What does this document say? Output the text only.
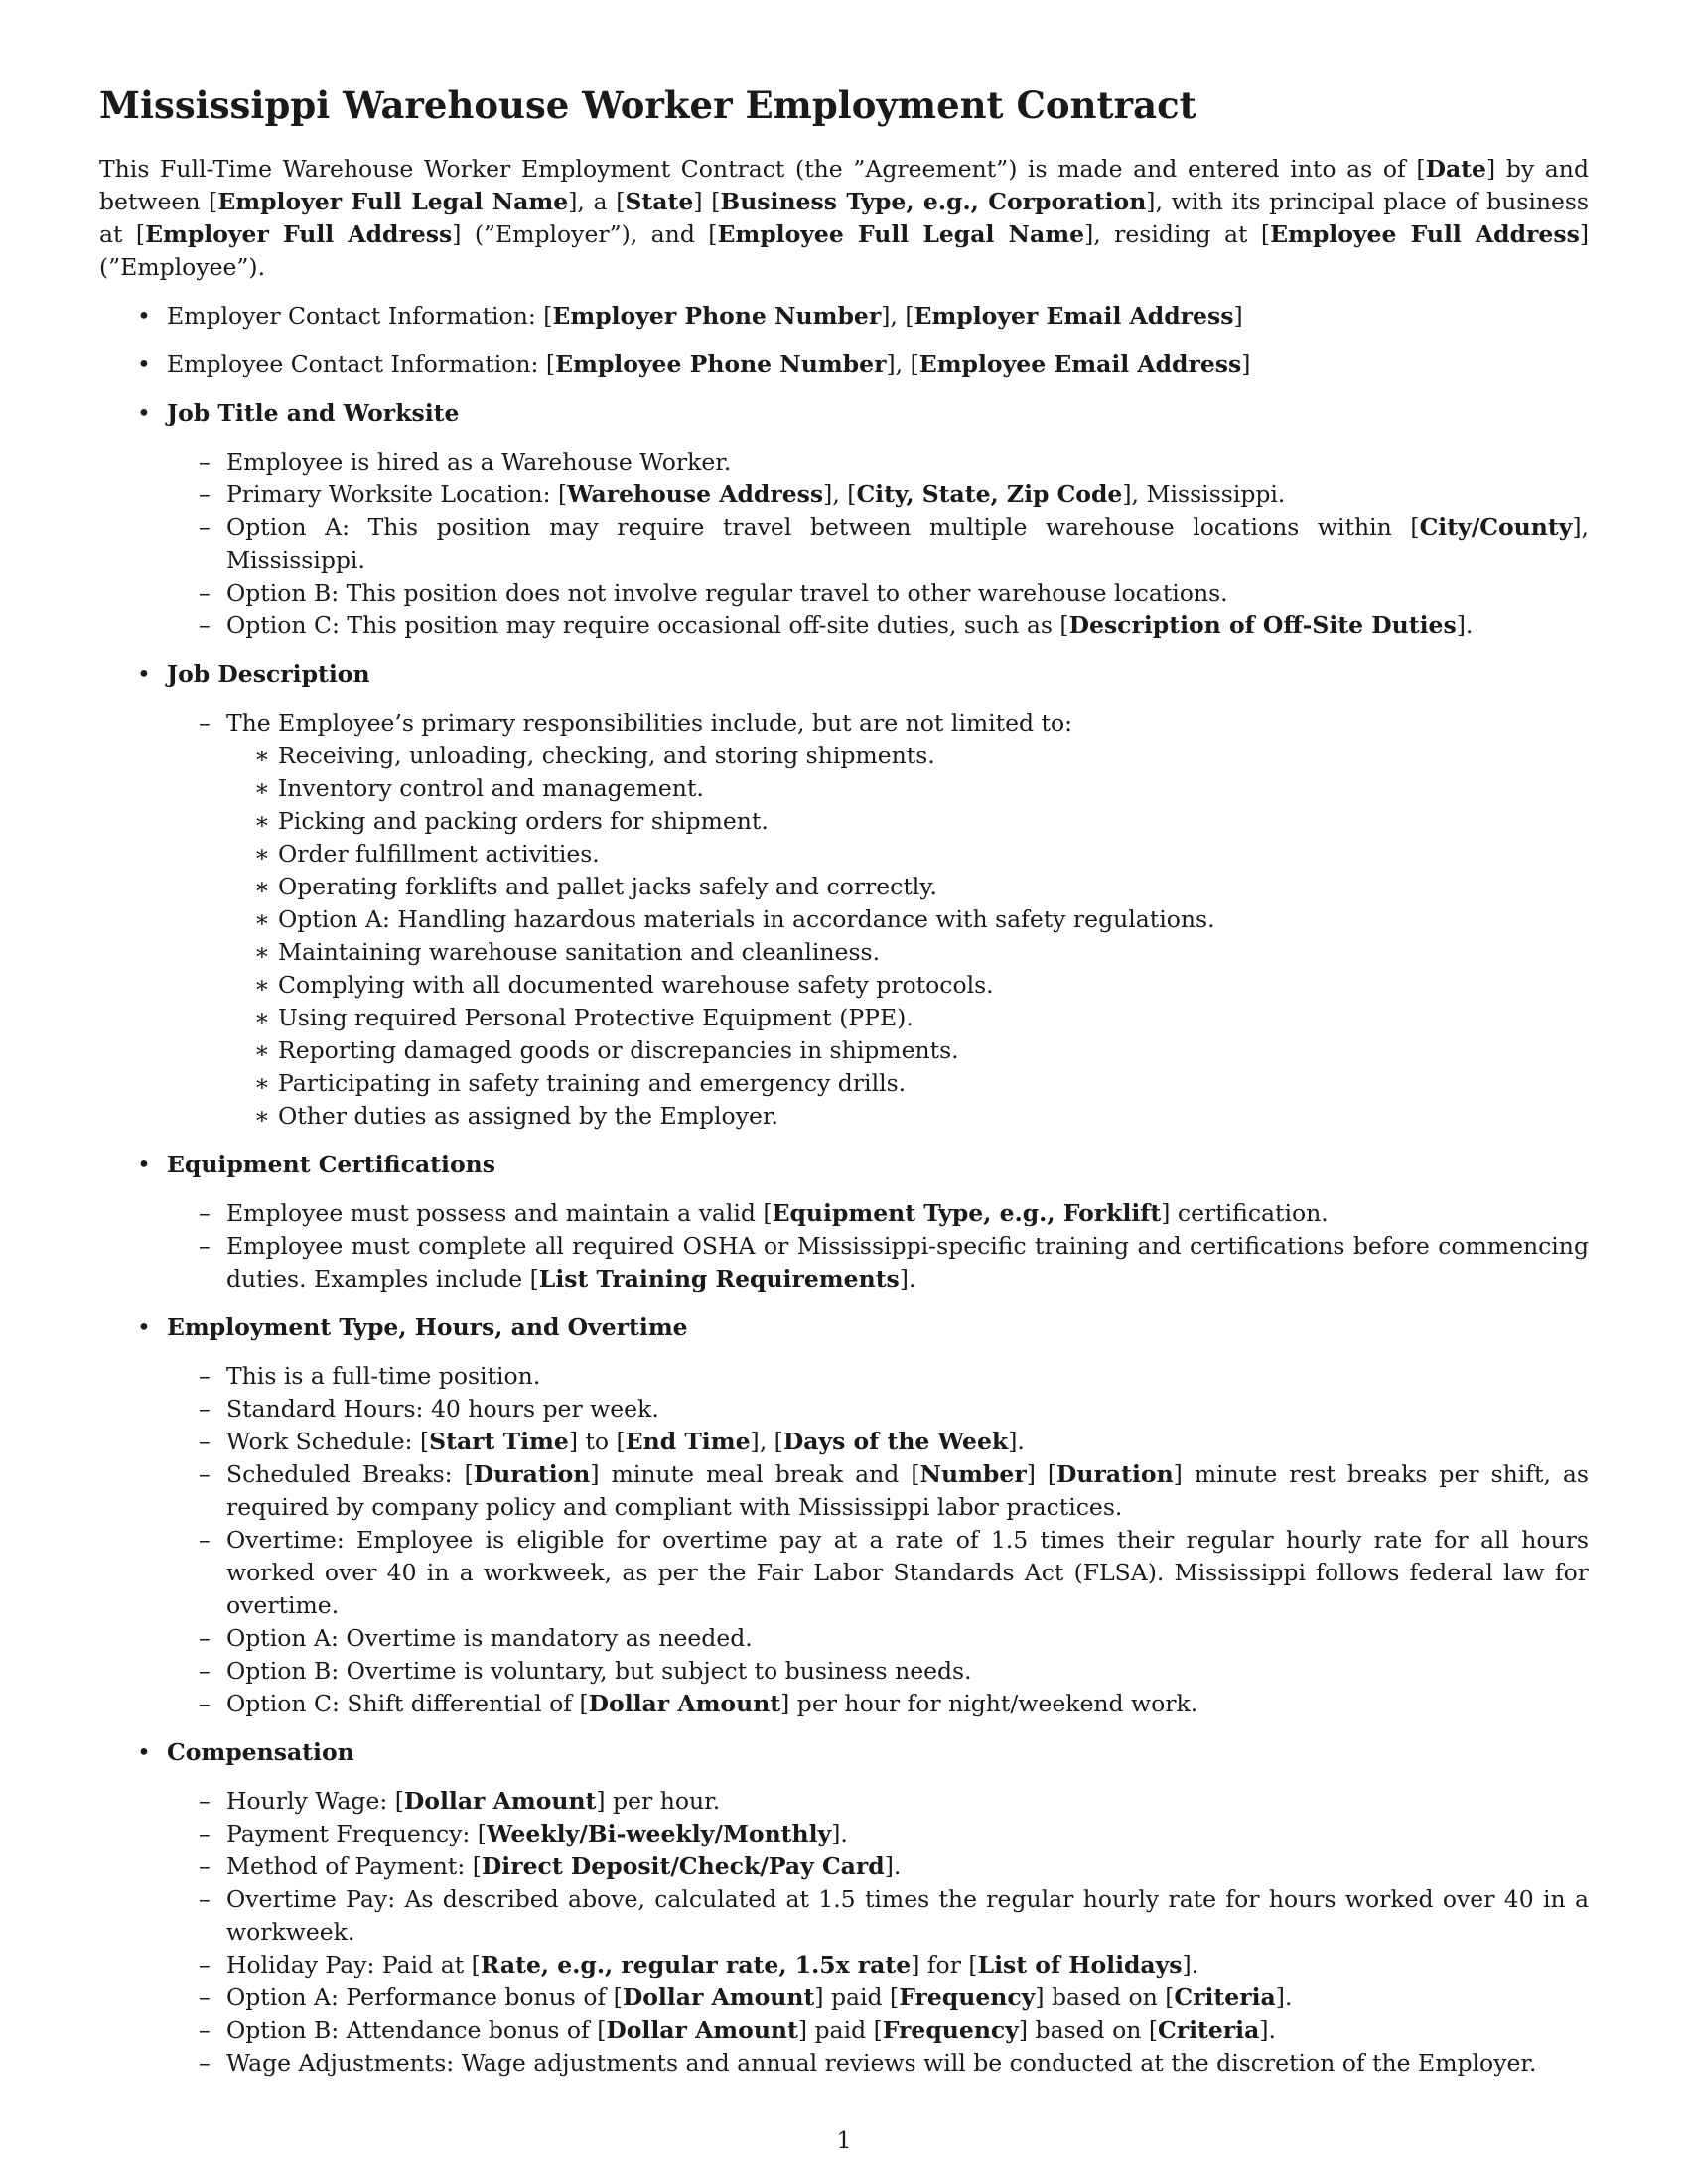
Mississippi Warehouse Worker Employment Contract

This Full-Time Warehouse Worker Employment Contract (the ”Agreement”) is made and entered into as of [Date] by and between [Employer Full Legal Name], a [State] [Business Type, e.g., Corporation], with its principal place of business at [Employer Full Address] (”Employer”), and [Employee Full Legal Name], residing at [Employee Full Address] (”Employee”).

• Employer Contact Information: [Employer Phone Number], [Employer Email Address]
• Employee Contact Information: [Employee Phone Number], [Employee Email Address]
• Job Title and Worksite
– Employee is hired as a Warehouse Worker.
– Primary Worksite Location: [Warehouse Address], [City, State, Zip Code], Mississippi.
– Option A: This position may require travel between multiple warehouse locations within [City/County], Mississippi.
– Option B: This position does not involve regular travel to other warehouse locations.
– Option C: This position may require occasional off-site duties, such as [Description of Off-Site Duties].
• Job Description
– The Employee’s primary responsibilities include, but are not limited to:
∗ Receiving, unloading, checking, and storing shipments.
∗ Inventory control and management.
∗ Picking and packing orders for shipment.
∗ Order fulfillment activities.
∗ Operating forklifts and pallet jacks safely and correctly.
∗ Option A: Handling hazardous materials in accordance with safety regulations.
∗ Maintaining warehouse sanitation and cleanliness.
∗ Complying with all documented warehouse safety protocols.
∗ Using required Personal Protective Equipment (PPE).
∗ Reporting damaged goods or discrepancies in shipments.
∗ Participating in safety training and emergency drills.
∗ Other duties as assigned by the Employer.
• Equipment Certifications
– Employee must possess and maintain a valid [Equipment Type, e.g., Forklift] certification.
– Employee must complete all required OSHA or Mississippi-specific training and certifications before commencing duties. Examples include [List Training Requirements].
• Employment Type, Hours, and Overtime
– This is a full-time position.
– Standard Hours: 40 hours per week.
– Work Schedule: [Start Time] to [End Time], [Days of the Week].
– Scheduled Breaks: [Duration] minute meal break and [Number] [Duration] minute rest breaks per shift, as required by company policy and compliant with Mississippi labor practices.
– Overtime: Employee is eligible for overtime pay at a rate of 1.5 times their regular hourly rate for all hours worked over 40 in a workweek, as per the Fair Labor Standards Act (FLSA). Mississippi follows federal law for overtime.
– Option A: Overtime is mandatory as needed.
– Option B: Overtime is voluntary, but subject to business needs.
– Option C: Shift differential of [Dollar Amount] per hour for night/weekend work.
• Compensation
– Hourly Wage: [Dollar Amount] per hour.
– Payment Frequency: [Weekly/Bi-weekly/Monthly].
– Method of Payment: [Direct Deposit/Check/Pay Card].
– Overtime Pay: As described above, calculated at 1.5 times the regular hourly rate for hours worked over 40 in a workweek.
– Holiday Pay: Paid at [Rate, e.g., regular rate, 1.5x rate] for [List of Holidays].
– Option A: Performance bonus of [Dollar Amount] paid [Frequency] based on [Criteria].
– Option B: Attendance bonus of [Dollar Amount] paid [Frequency] based on [Criteria].
– Wage Adjustments: Wage adjustments and annual reviews will be conducted at the discretion of the Employer.
1
